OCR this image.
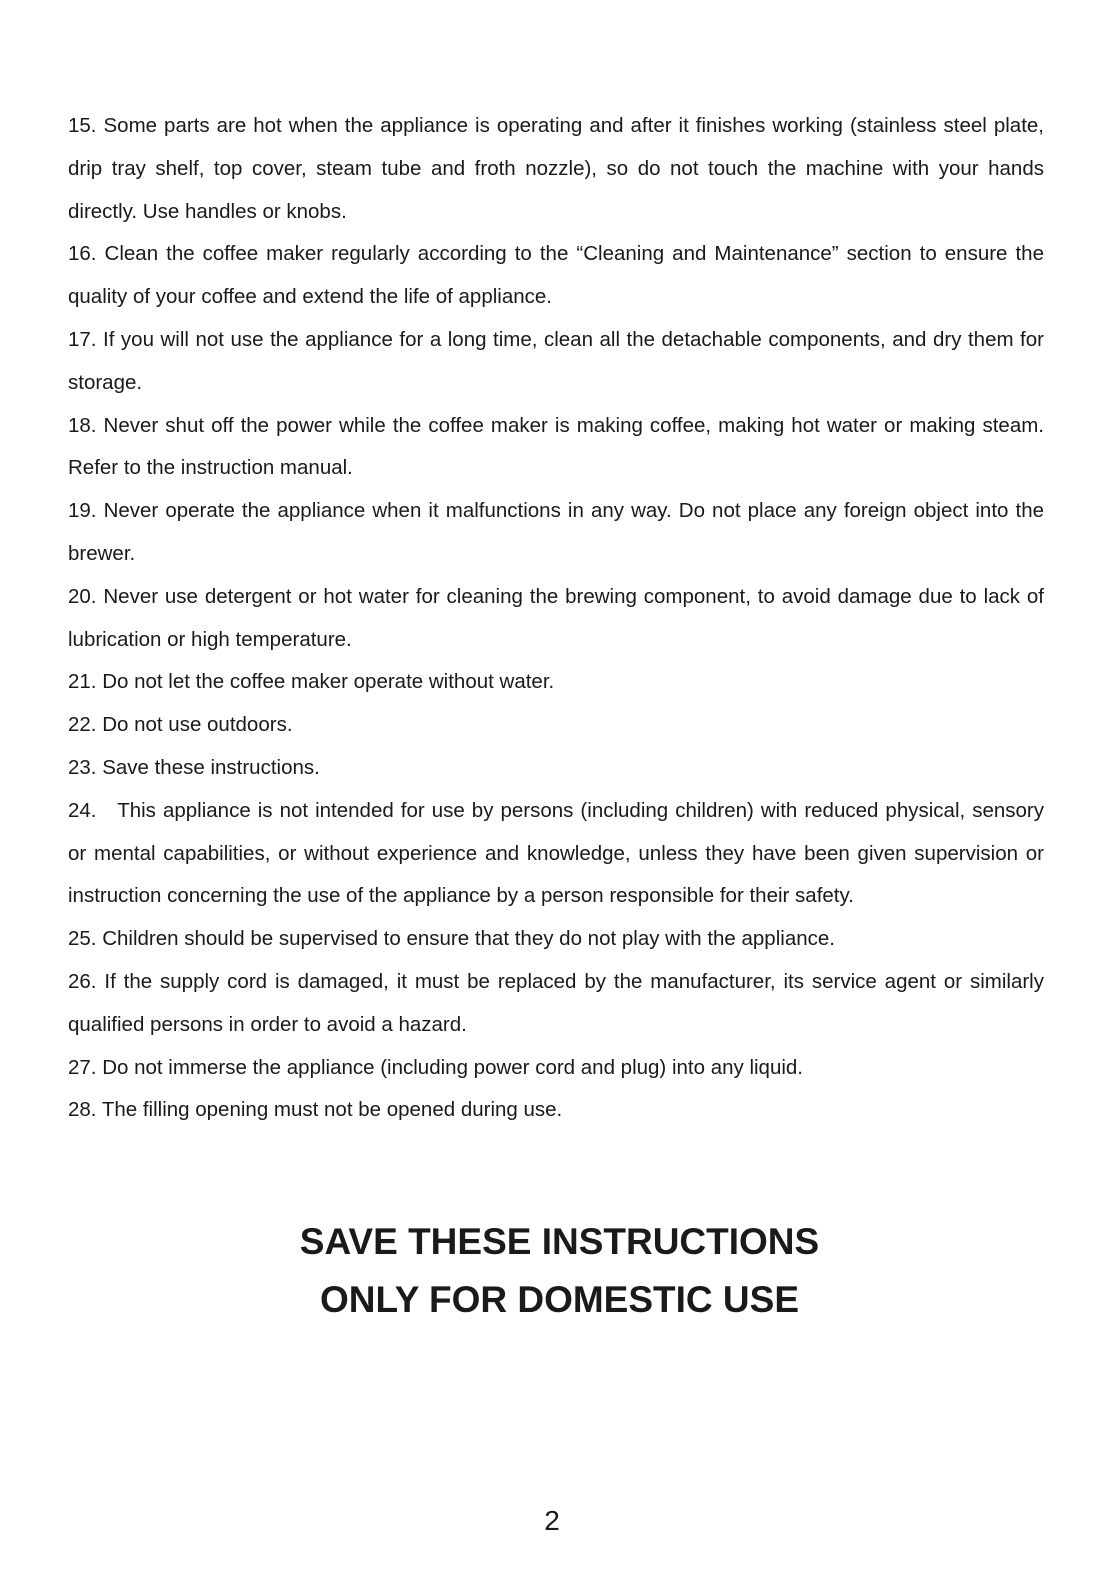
15. Some parts are hot when the appliance is operating and after it finishes working (stainless steel plate, drip tray shelf, top cover, steam tube and froth nozzle), so do not touch the machine with your hands directly. Use handles or knobs.
16. Clean the coffee maker regularly according to the “Cleaning and Maintenance” section to ensure the quality of your coffee and extend the life of appliance.
17. If you will not use the appliance for a long time, clean all the detachable components, and dry them for storage.
18. Never shut off the power while the coffee maker is making coffee, making hot water or making steam. Refer to the instruction manual.
19. Never operate the appliance when it malfunctions in any way. Do not place any foreign object into the brewer.
20. Never use detergent or hot water for cleaning the brewing component, to avoid damage due to lack of lubrication or high temperature.
21. Do not let the coffee maker operate without water.
22. Do not use outdoors.
23. Save these instructions.
24.   This appliance is not intended for use by persons (including children) with reduced physical, sensory or mental capabilities, or without experience and knowledge, unless they have been given supervision or instruction concerning the use of the appliance by a person responsible for their safety.
25. Children should be supervised to ensure that they do not play with the appliance.
26. If the supply cord is damaged, it must be replaced by the manufacturer, its service agent or similarly qualified persons in order to avoid a hazard.
27. Do not immerse the appliance (including power cord and plug) into any liquid.
28. The filling opening must not be opened during use.
SAVE THESE INSTRUCTIONS
ONLY FOR DOMESTIC USE
2
